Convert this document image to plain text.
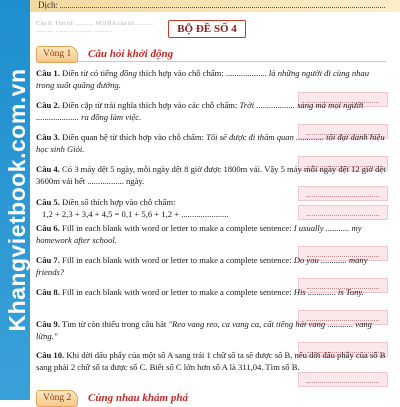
Khangvietbook.com.vn
Dịch:
Câu 8. Tìm từ: ........... NGHĨA của từ ...........
........... ........... ........... ...........	BỘ ĐỀ SỐ 4
Vòng 1	Câu hỏi khởi động
Câu 1. Điền từ có tiếng đồng thích hợp vào chỗ chấm: ................... là những người đi cùng nhau trong suốt quãng đường.
Câu 2. Điền cặp từ trái nghĩa thích hợp vào các chỗ chấm: Trời .................. sáng mà mọi người .................... ra đồng làm việc.
Câu 3. Điền quan hệ từ thích hợp vào chỗ chấm: Tôi sẽ được đi thăm quan ............. tôi đạt danh hiệu học sinh Giỏi.
Câu 4. Có 3 máy dệt 5 ngày, mỗi ngày dệt 8 giờ được 1800m vải. Vậy 5 máy mỗi ngày dệt 12 giờ dệt 3600m vải hết ................. ngày.
Câu 5. Điền số thích hợp vào chỗ chấm:
1,2 + 2,3 + 3,4 + 4,5 = 0,1 + 5,6 + 1,2 + ......................
Câu 6. Fill in each blank with word or letter to make a complete sentence: I usually ........... my homework after school.
Câu 7. Fill in each blank with word or letter to make a complete sentence: Do you ............ many friends?
Câu 8. Fill in each blank with word or letter to make a complete sentence: His ............. is Tony.
Câu 9. Tìm từ còn thiếu trong câu hát "Reo vang reo, ca vang ca, cất tiếng hát vang ............ vang lừng."
Câu 10. Khi dời dấu phẩy của một số A sang trái 1 chữ số ta sẽ được số B, nếu dời dấu phẩy của số B sang phải 2 chữ số ta được số C. Biết số C lớn hơn số A là 311,04. Tìm số B.
Vòng 2	Cùng nhau khám phá
